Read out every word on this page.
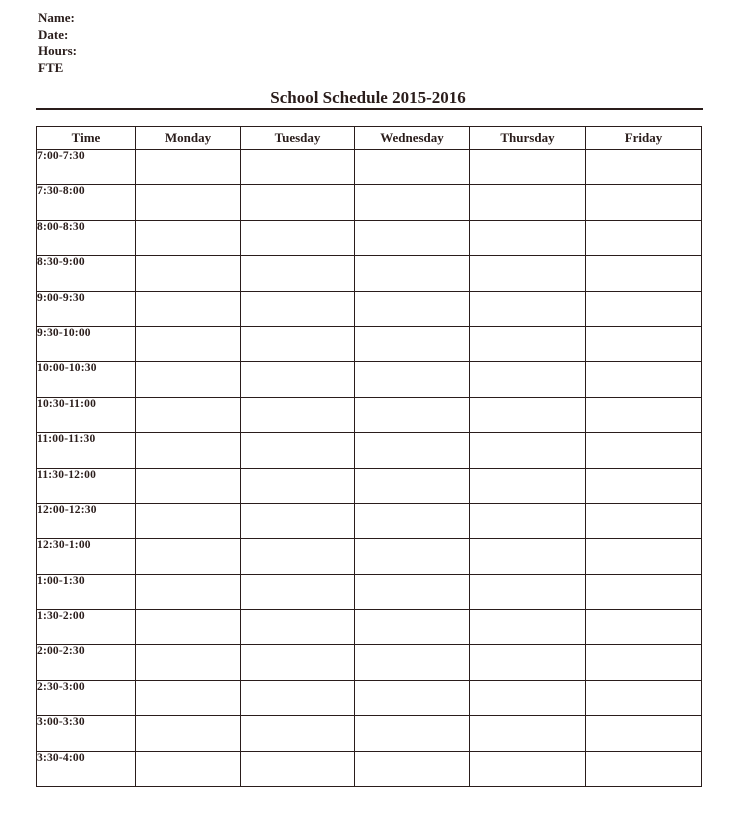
Name:
Date:
Hours:
FTE
School Schedule 2015-2016
Time	Monday	Tuesday	Wednesday	Thursday	Friday
7:00-7:30					
7:30-8:00					
8:00-8:30					
8:30-9:00					
9:00-9:30					
9:30-10:00					
10:00-10:30					
10:30-11:00					
11:00-11:30					
11:30-12:00					
12:00-12:30					
12:30-1:00					
1:00-1:30					
1:30-2:00					
2:00-2:30					
2:30-3:00					
3:00-3:30					
3:30-4:00					
